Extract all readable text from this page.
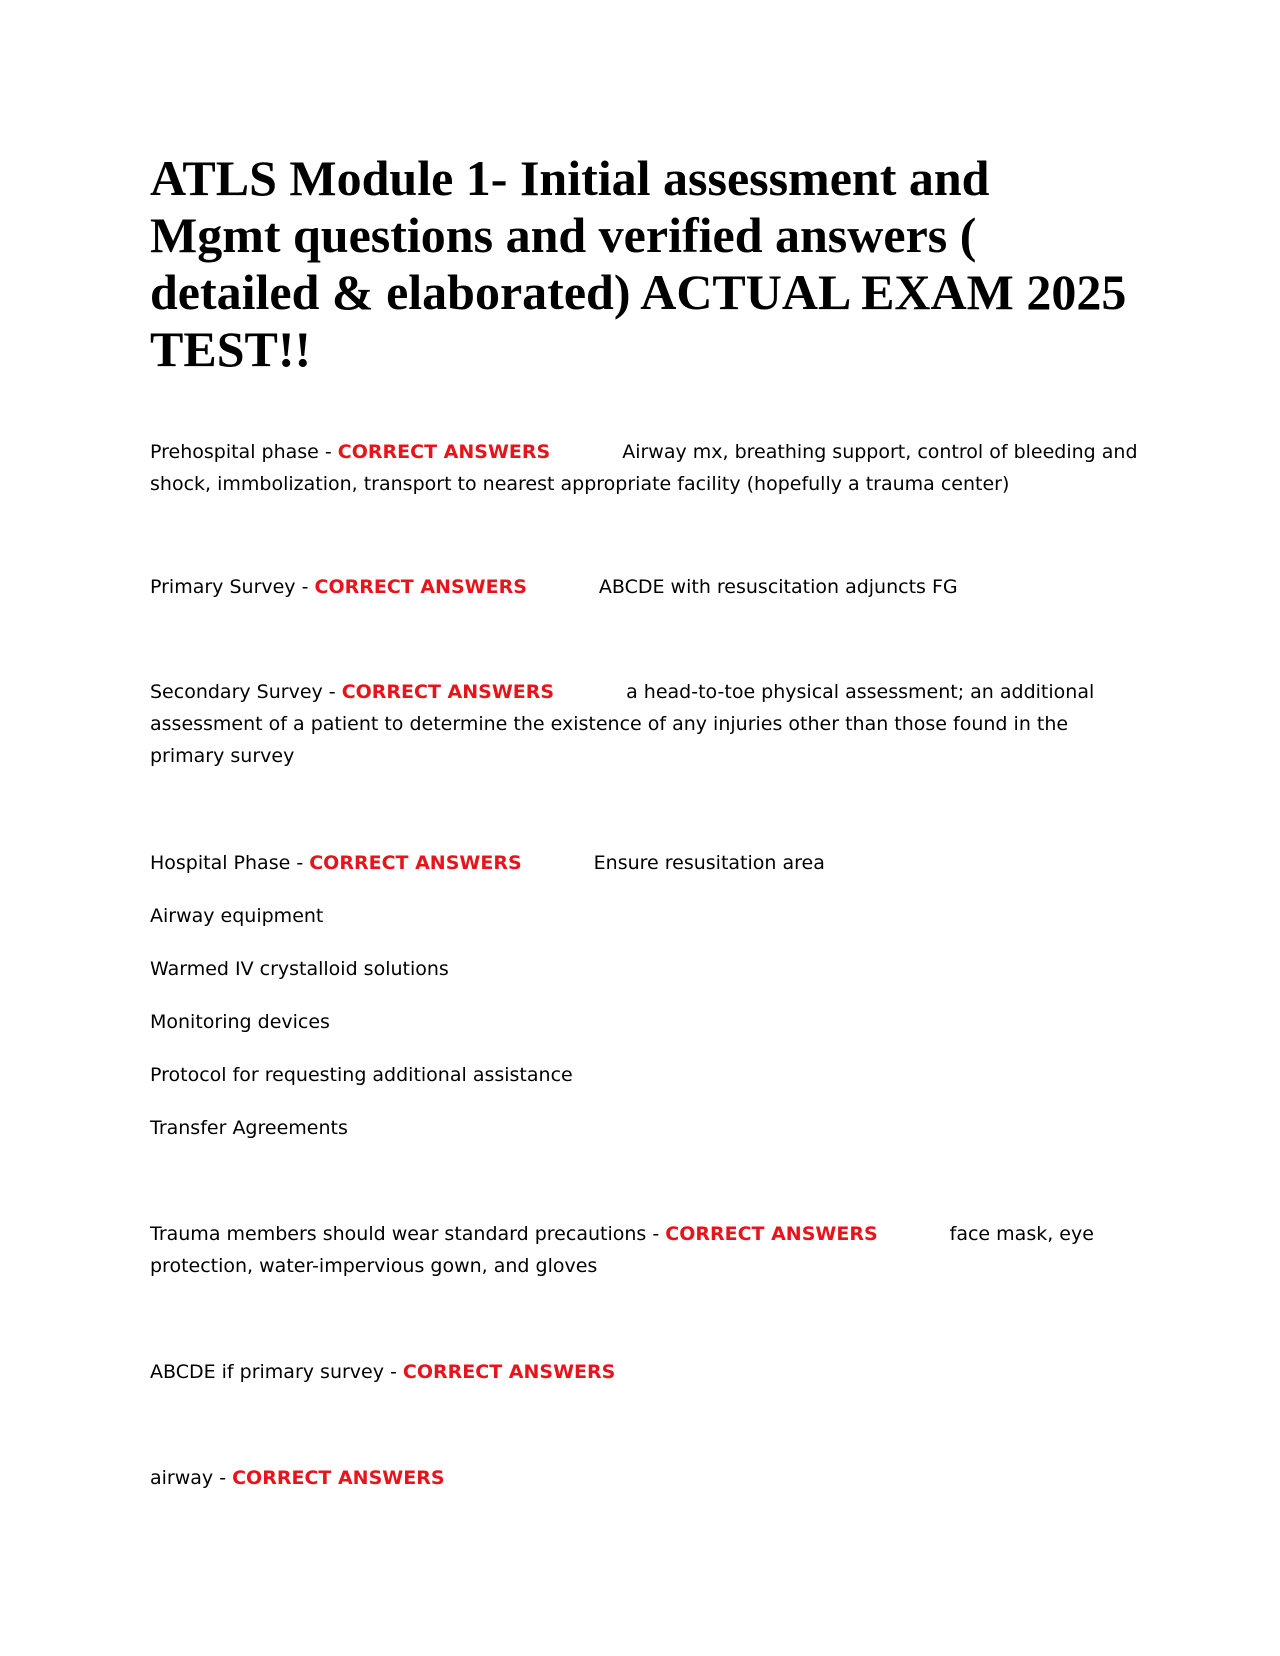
ATLS Module 1- Initial assessment and Mgmt questions and verified answers ( detailed & elaborated) ACTUAL EXAM 2025 TEST!!

Prehospital phase - CORRECT ANSWERS	Airway mx, breathing support, control of bleeding and shock, immbolization, transport to nearest appropriate facility (hopefully a trauma center)

Primary Survey - CORRECT ANSWERS	ABCDE with resuscitation adjuncts FG

Secondary Survey - CORRECT ANSWERS	a head-to-toe physical assessment; an additional assessment of a patient to determine the existence of any injuries other than those found in the primary survey

Hospital Phase - CORRECT ANSWERS	Ensure resusitation area

Airway equipment

Warmed IV crystalloid solutions

Monitoring devices

Protocol for requesting additional assistance

Transfer Agreements

Trauma members should wear standard precautions - CORRECT ANSWERS	face mask, eye protection, water-impervious gown, and gloves

ABCDE if primary survey - CORRECT ANSWERS

airway - CORRECT ANSWERS
